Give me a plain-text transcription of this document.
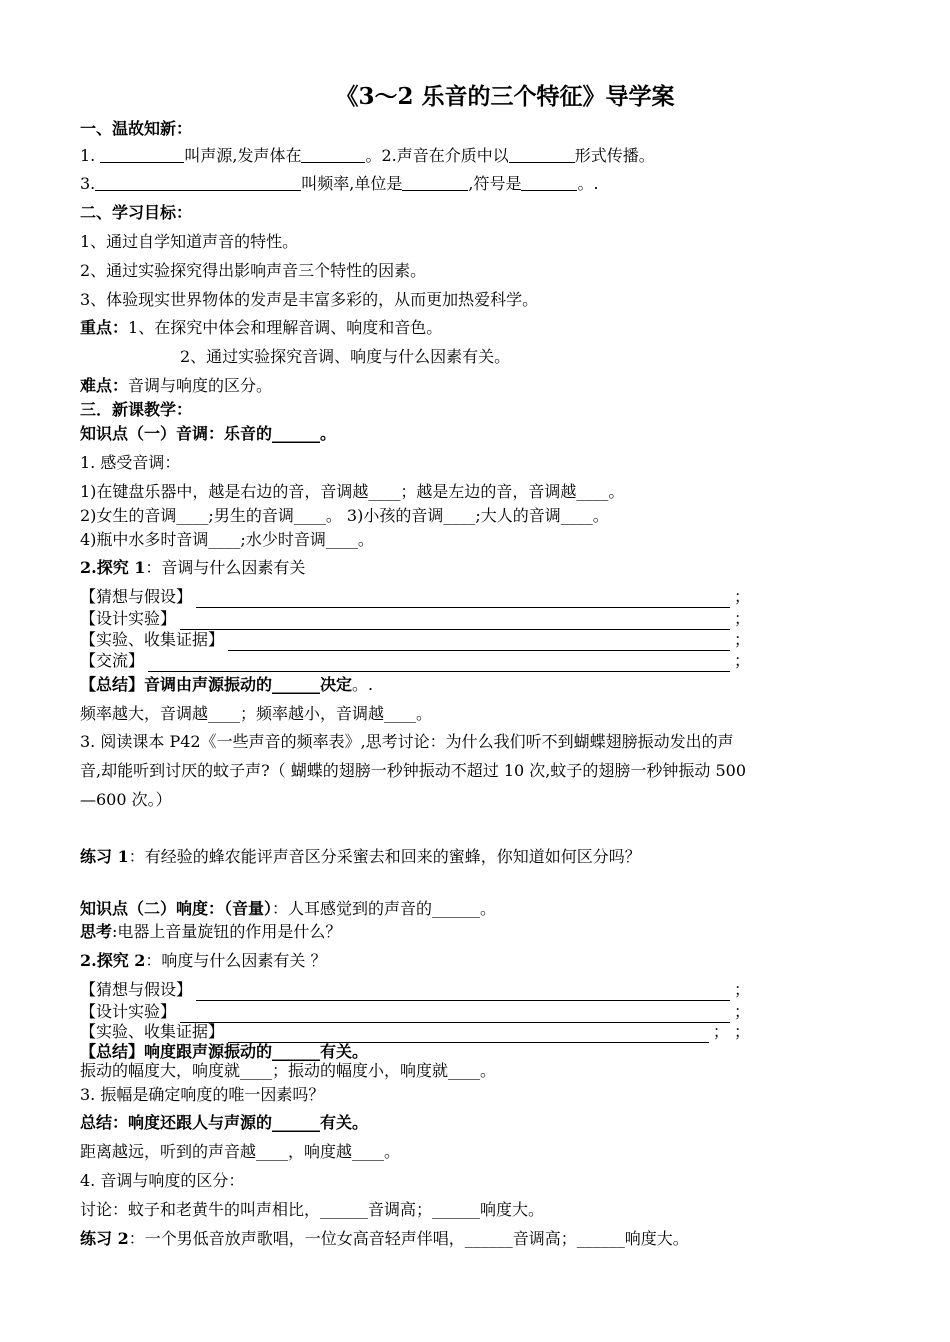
《3～2 乐音的三个特征》导学案
一、温故知新：
1.	叫声源,发声体在	。2.声音在介质中以	形式传播。
3.	叫频率,单位是	,符号是	。.
二、学习目标：
1、通过自学知道声音的特性。
2、通过实验探究得出影响声音三个特性的因素。
3、体验现实世界物体的发声是丰富多彩的，从而更加热爱科学。
重点：1、在探究中体会和理解音调、响度和音色。
2、通过实验探究音调、响度与什么因素有关。
难点：音调与响度的区分。
三．新课教学：
知识点（一）音调：乐音的______。
1. 感受音调：
1)在键盘乐器中，越是右边的音，音调越____；越是左边的音，音调越____。
2)女生的音调____;男生的音调____。 3)小孩的音调____;大人的音调____。
4)瓶中水多时音调____;水少时音调____。
2.探究 1：音调与什么因素有关
【猜想与假设】	；
【设计实验】	；
【实验、收集证据】	；
【交流】	；
【总结】音调由声源振动的______决定。.
频率越大，音调越____；频率越小，音调越____。
3. 阅读课本 P42《一些声音的频率表》,思考讨论：为什么我们听不到蝴蝶翅膀振动发出的声
音,却能听到讨厌的蚊子声?（ 蝴蝶的翅膀一秒钟振动不超过 10 次,蚊子的翅膀一秒钟振动 500
—600 次。）
练习 1：有经验的蜂农能评声音区分采蜜去和回来的蜜蜂，你知道如何区分吗？
知识点（二）响度：（音量）：人耳感觉到的声音的______。
思考:电器上音量旋钮的作用是什么？
2.探究 2：响度与什么因素有关 ？
【猜想与假设】	；
【设计实验】	；
【实验、收集证据】	； ；
【总结】响度跟声源振动的______有关。
振动的幅度大，响度就____；振动的幅度小，响度就____。
3. 振幅是确定响度的唯一因素吗？
总结：响度还跟人与声源的______有关。
距离越远，听到的声音越____，响度越____。
4. 音调与响度的区分：
讨论：蚊子和老黄牛的叫声相比，______音调高；______响度大。
练习 2：一个男低音放声歌唱，一位女高音轻声伴唱，______音调高；______响度大。
